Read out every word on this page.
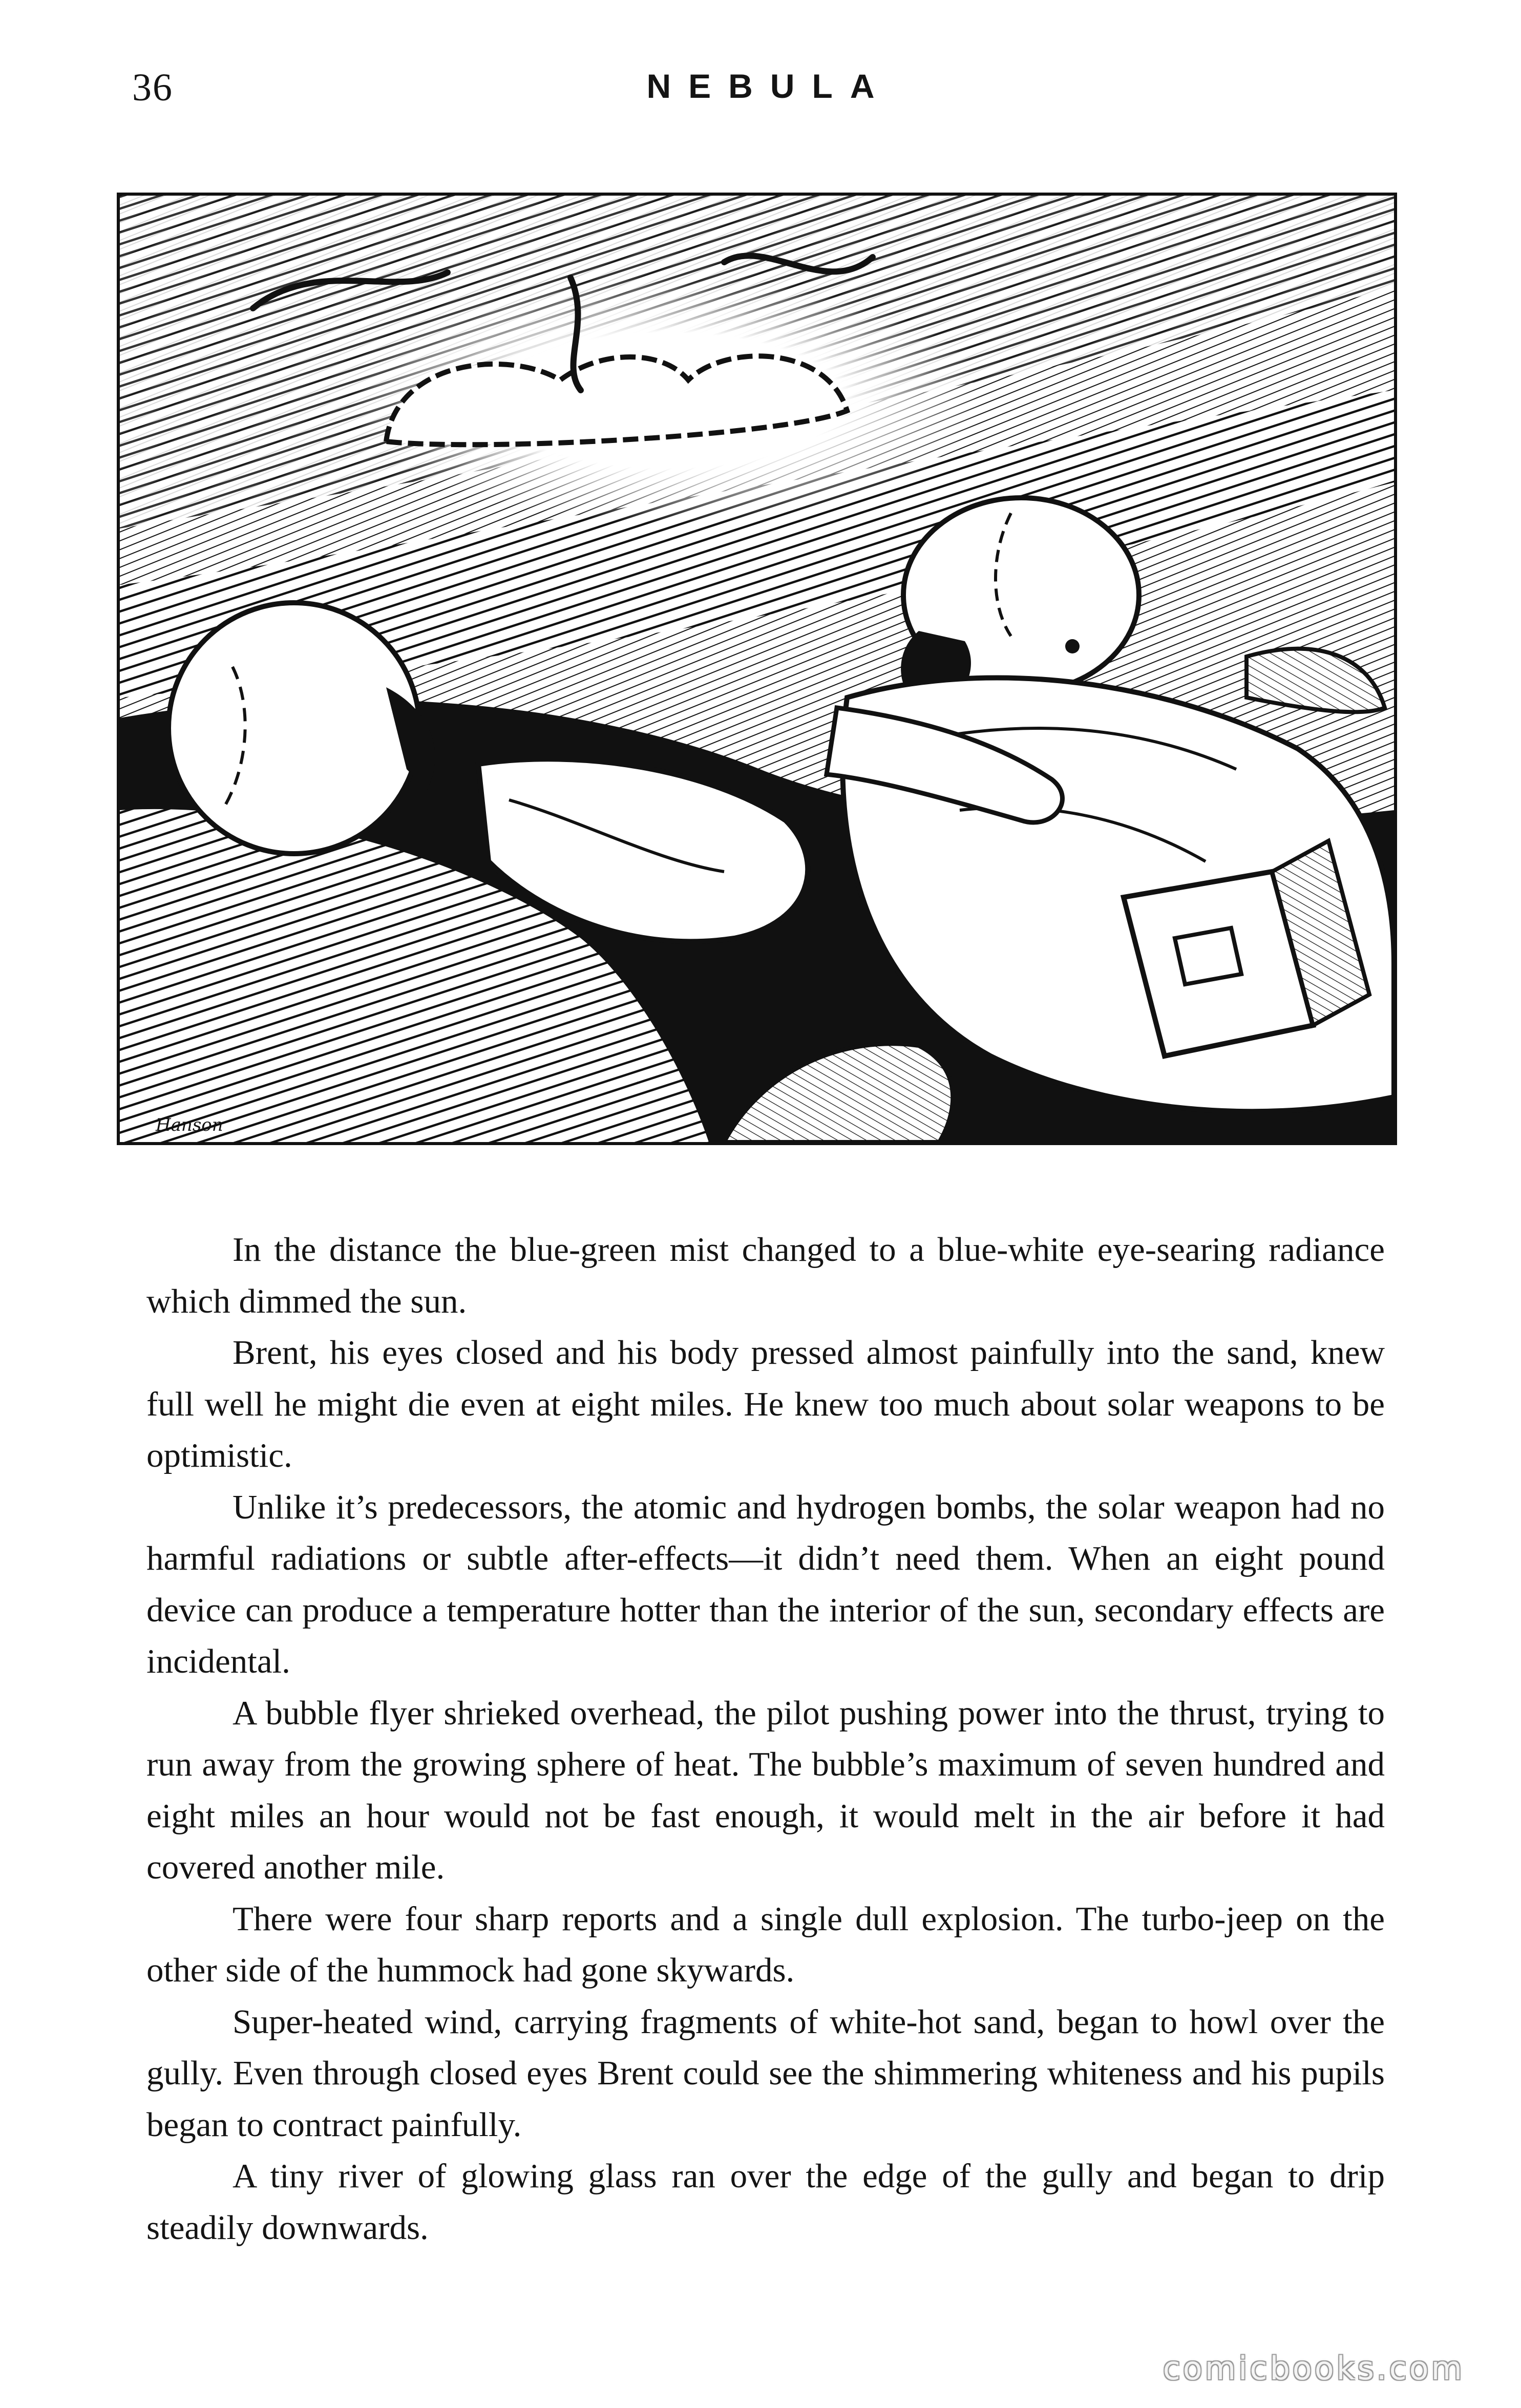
36	NEBULA
Hanson

In the distance the blue-green mist changed to a blue-white eye-searing radiance which dimmed the sun.

Brent, his eyes closed and his body pressed almost painfully into the sand, knew full well he might die even at eight miles. He knew too much about solar weapons to be optimistic.

Unlike it’s predecessors, the atomic and hydrogen bombs, the solar weapon had no harmful radiations or subtle after-effects—it didn’t need them. When an eight pound device can produce a temperature hotter than the interior of the sun, secondary effects are incidental.

A bubble flyer shrieked overhead, the pilot pushing power into the thrust, trying to run away from the growing sphere of heat. The bubble’s maximum of seven hundred and eight miles an hour would not be fast enough, it would melt in the air before it had covered another mile.

There were four sharp reports and a single dull explosion. The turbo-jeep on the other side of the hummock had gone skywards.

Super-heated wind, carrying fragments of white-hot sand, began to howl over the gully. Even through closed eyes Brent could see the shimmering whiteness and his pupils began to contract painfully.

A tiny river of glowing glass ran over the edge of the gully and began to drip steadily downwards.

comicbooks.com
